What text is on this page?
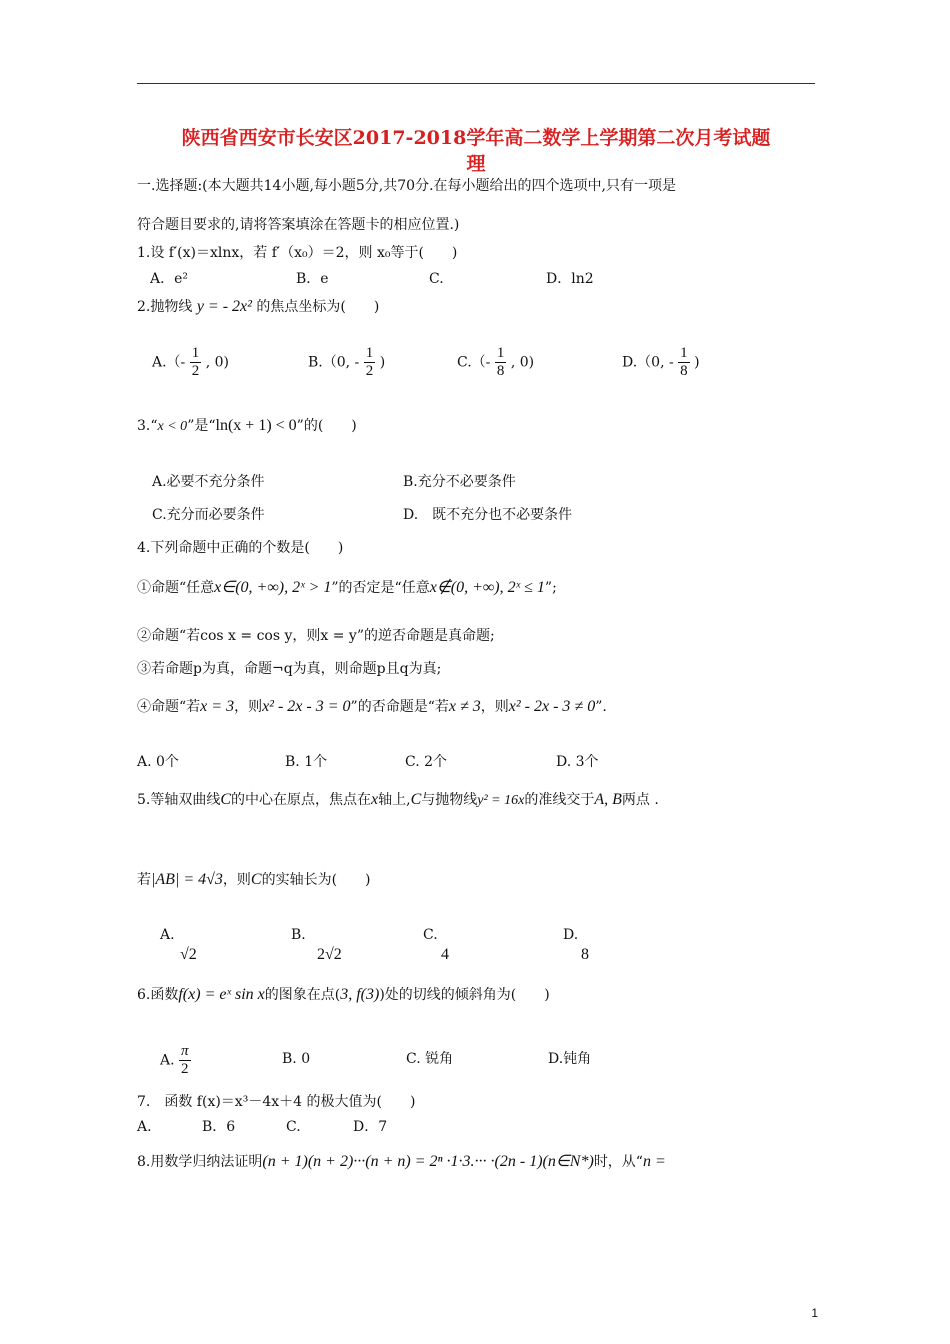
陕西省西安市长安区2017-2018学年高二数学上学期第二次月考试题
理
一.选择题:(本大题共14小题,每小题5分,共70分.在每小题给出的四个选项中,只有一项是
符合题目要求的,请将答案填涂在答题卡的相应位置.)
1.设 f′(x)＝xlnx，若 f′（x₀）＝2，则 x₀等于(　　)
A．e²	B．e	C.	D．ln2
2.抛物线 y = - 2x² 的焦点坐标为(　　)
$A.(- \frac{1}{2}$ , 0)	B.（0, - $\frac{1}{2}$ )	$C.(- \frac{1}{8}$ , 0)	D.（0, - $\frac{1}{8}$ )
3.“x < 0”是“ln(x + 1) < 0”的(　　)
A.必要不充分条件	B.充分不必要条件
C.充分而必要条件	D.　既不充分也不必要条件
4.下列命题中正确的个数是(　　)
①命题“任意x∈(0, +∞), 2ˣ > 1”的否定是“任意x∉(0, +∞), 2ˣ ≤ 1”;
②命题“若cos x = cos y，则x = y”的逆否命题是真命题;
③若命题p为真，命题¬q为真，则命题p且q为真;
④命题“若x = 3，则x² - 2x - 3 = 0”的否命题是“若x ≠ 3，则x² - 2x - 3 ≠ 0”.
A. 0个	B. 1个	C. 2个	D. 3个
5.等轴双曲线C的中心在原点，焦点在x轴上,C与抛物线y² = 16x的准线交于A, B两点 .
若|AB| = 4√3，则C的实轴长为(　　)
A.
√2
B.
2√2
C.
4
D.
8
6.函数f(x) = eˣ sin x的图象在点(3, f(3))处的切线的倾斜角为(　　)
A. $\frac{\pi}{2}$	B. 0	C. 锐角	D.钝角
7.　函数 f(x)＝x³－4x＋4 的极大值为(　　)
A.	B．6	C.	D．7
8.用数学归纳法证明(n + 1)(n + 2)···(n + n) = 2ⁿ ·1·3.··· ·(2n - 1)(n∈N*)时，从“n =
1
